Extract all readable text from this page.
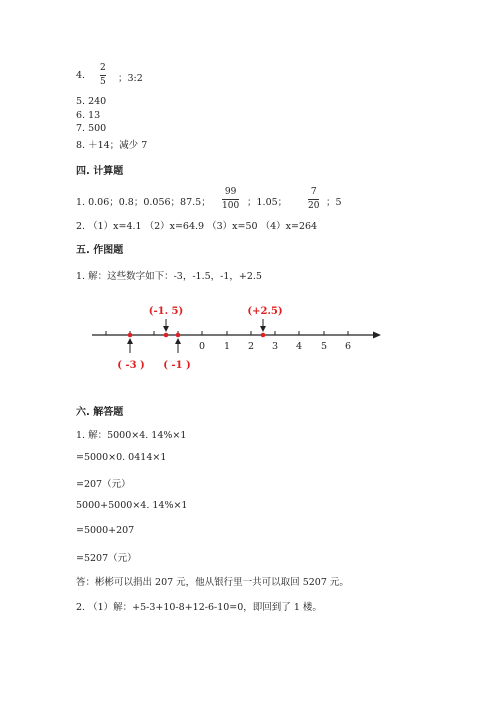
4.
2
5 ；3:2
5. 240
6. 13
7. 500
8. ＋14；减少 7
四. 计算题
1. 0.06；0.8；0.056；87.5；
99
100 ；1.05；
7
20 ；5
2. （1）x=4.1 （2）x=64.9 （3）x=50 （4）x=264
五. 作图题
1. 解：这些数字如下：-3，-1.5，-1，+2.5
0 1 2 3 4 5 6
(-1. 5)	(+2.5)
( -3 ) ( -1 )
六. 解答题
1. 解：5000×4. 14%×1
=5000×0. 0414×1
=207（元）
5000+5000×4. 14%×1
=5000+207
=5207（元）
答：彬彬可以捐出 207 元，他从银行里一共可以取回 5207 元。
2. （1）解：+5-3+10-8+12-6-10=0，即回到了 1 楼。
